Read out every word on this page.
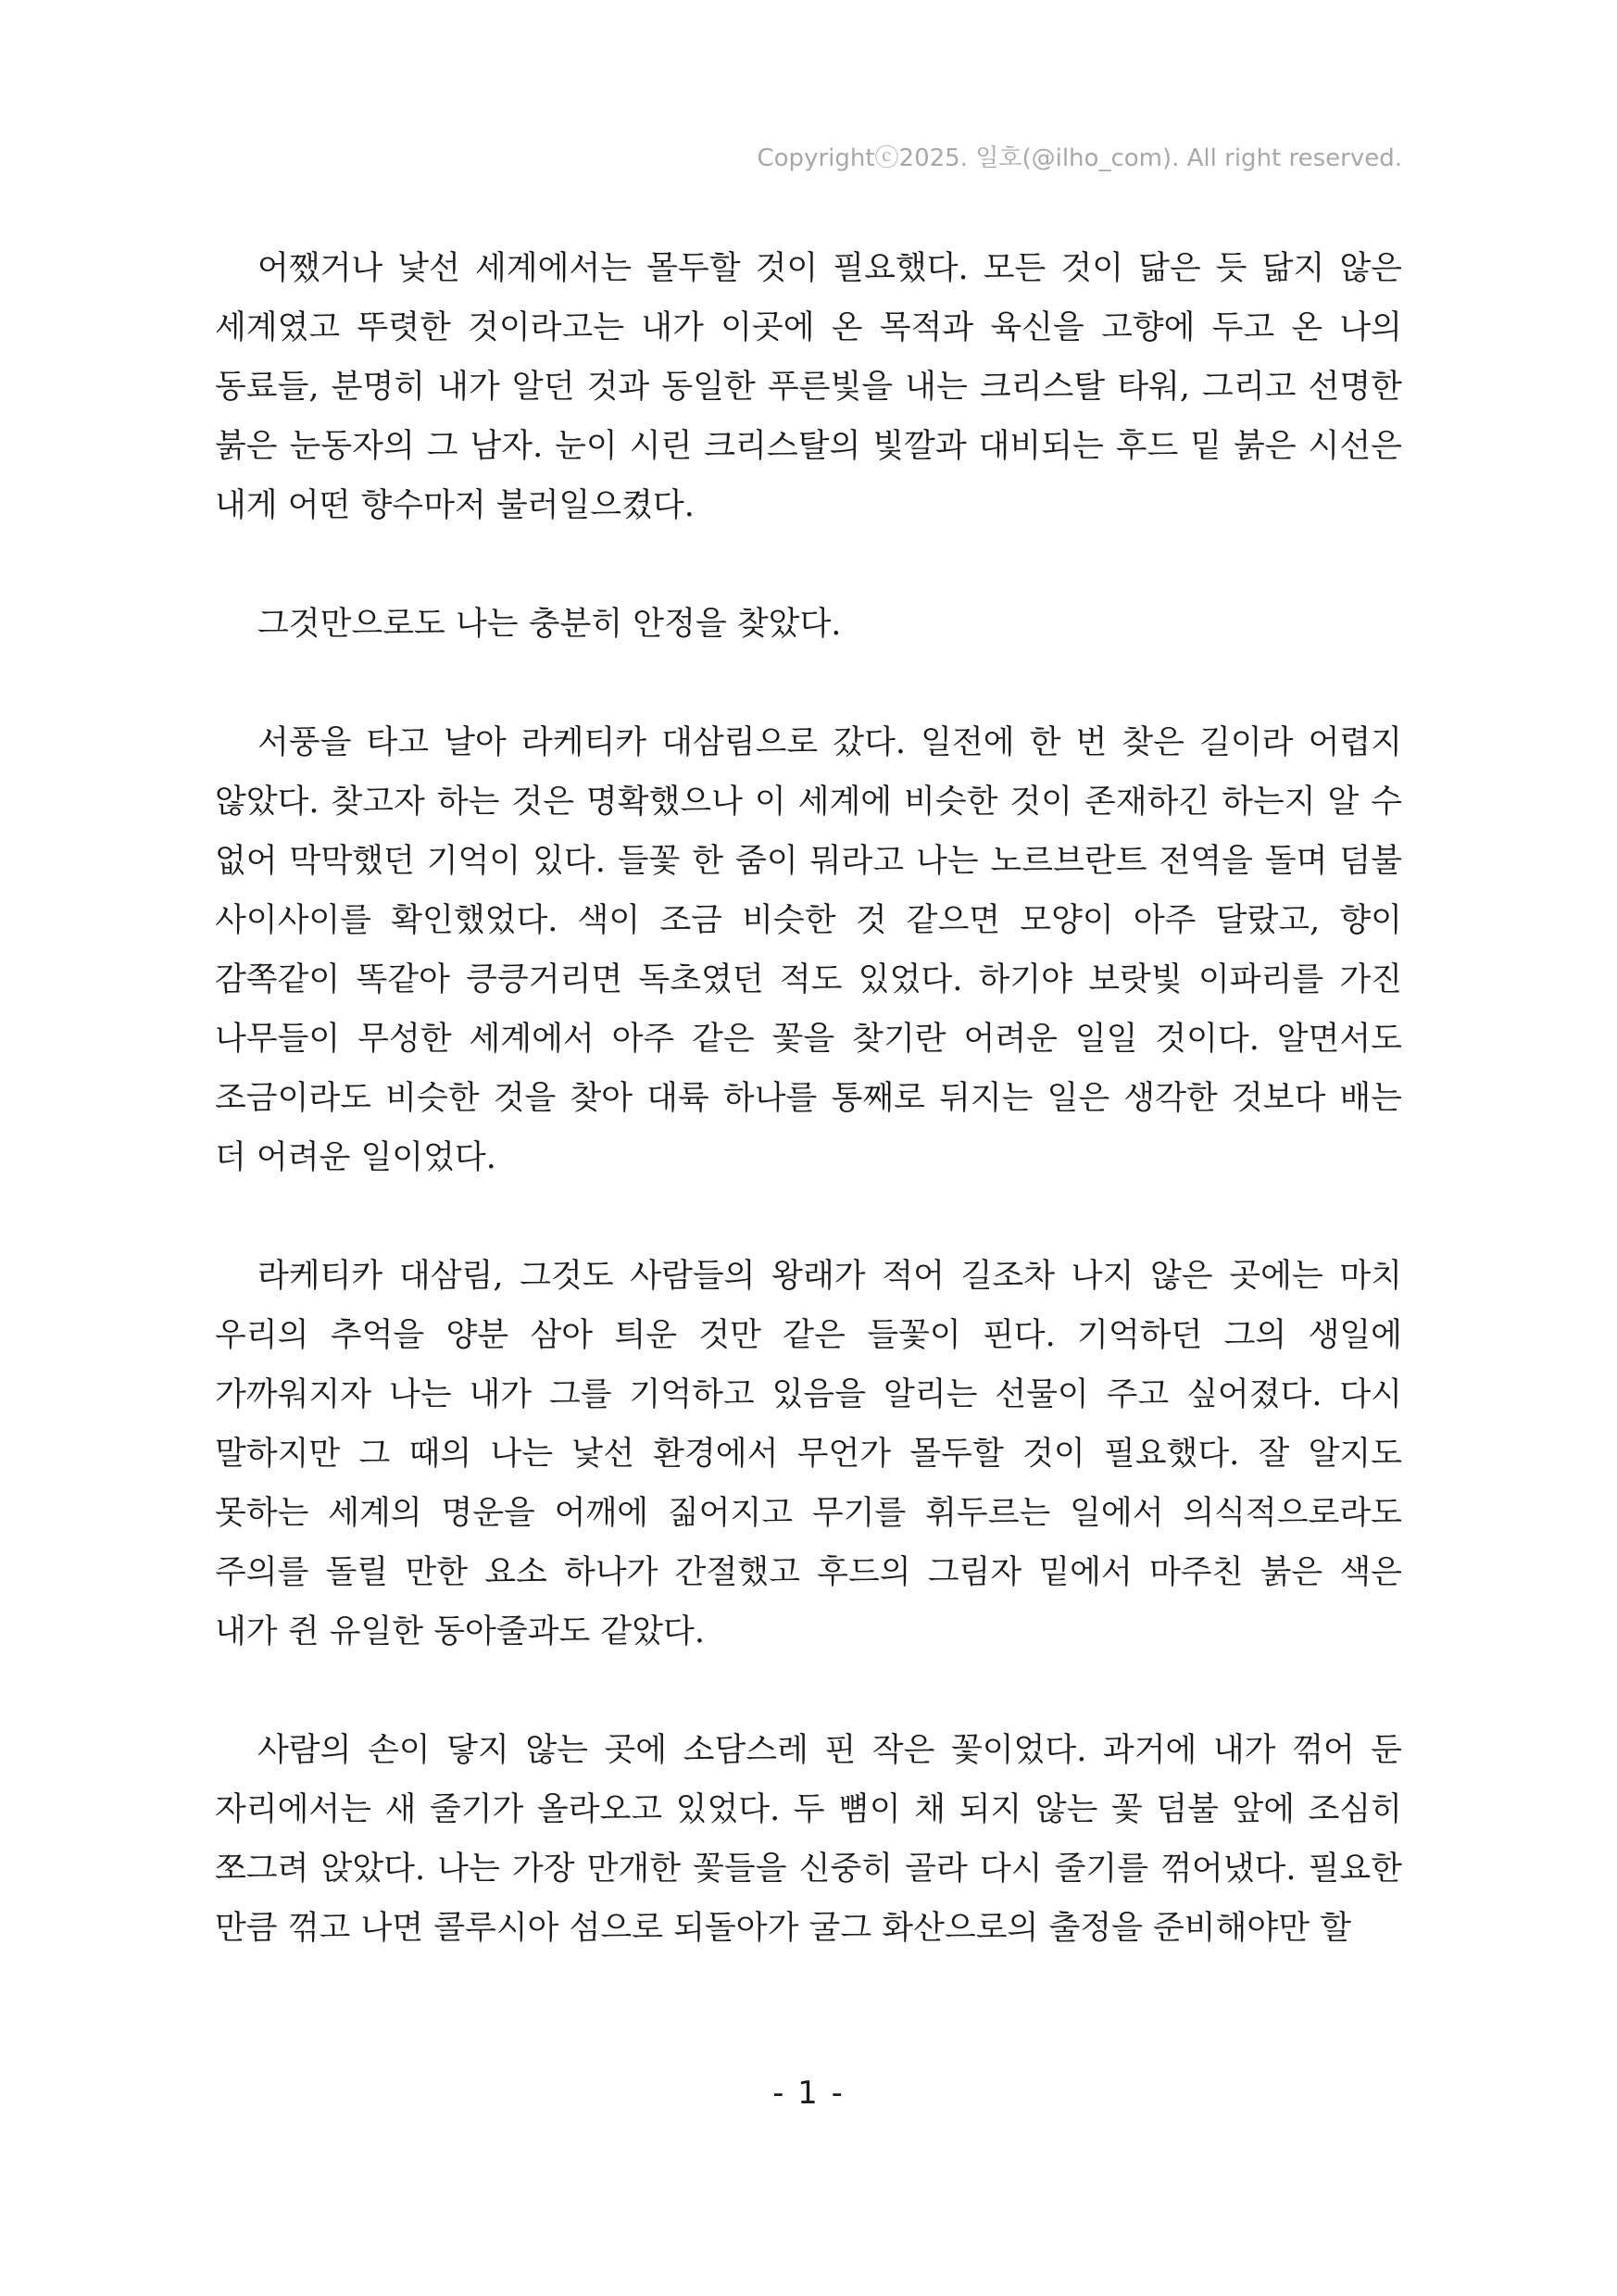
Copyrightⓒ2025. 일호(@ilho_com). All right reserved.

어쨌거나 낯선 세계에서는 몰두할 것이 필요했다. 모든 것이 닮은 듯 닮지 않은 세계였고 뚜렷한 것이라고는 내가 이곳에 온 목적과 육신을 고향에 두고 온 나의 동료들, 분명히 내가 알던 것과 동일한 푸른빛을 내는 크리스탈 타워, 그리고 선명한 붉은 눈동자의 그 남자. 눈이 시린 크리스탈의 빛깔과 대비되는 후드 밑 붉은 시선은 내게 어떤 향수마저 불러일으켰다.

그것만으로도 나는 충분히 안정을 찾았다.

서풍을 타고 날아 라케티카 대삼림으로 갔다. 일전에 한 번 찾은 길이라 어렵지 않았다. 찾고자 하는 것은 명확했으나 이 세계에 비슷한 것이 존재하긴 하는지 알 수 없어 막막했던 기억이 있다. 들꽃 한 줌이 뭐라고 나는 노르브란트 전역을 돌며 덤불 사이사이를 확인했었다. 색이 조금 비슷한 것 같으면 모양이 아주 달랐고, 향이 감쪽같이 똑같아 킁킁거리면 독초였던 적도 있었다. 하기야 보랏빛 이파리를 가진 나무들이 무성한 세계에서 아주 같은 꽃을 찾기란 어려운 일일 것이다. 알면서도 조금이라도 비슷한 것을 찾아 대륙 하나를 통째로 뒤지는 일은 생각한 것보다 배는 더 어려운 일이었다.

라케티카 대삼림, 그것도 사람들의 왕래가 적어 길조차 나지 않은 곳에는 마치 우리의 추억을 양분 삼아 틔운 것만 같은 들꽃이 핀다. 기억하던 그의 생일에 가까워지자 나는 내가 그를 기억하고 있음을 알리는 선물이 주고 싶어졌다. 다시 말하지만 그 때의 나는 낯선 환경에서 무언가 몰두할 것이 필요했다. 잘 알지도 못하는 세계의 명운을 어깨에 짊어지고 무기를 휘두르는 일에서 의식적으로라도 주의를 돌릴 만한 요소 하나가 간절했고 후드의 그림자 밑에서 마주친 붉은 색은 내가 쥔 유일한 동아줄과도 같았다.

사람의 손이 닿지 않는 곳에 소담스레 핀 작은 꽃이었다. 과거에 내가 꺾어 둔 자리에서는 새 줄기가 올라오고 있었다. 두 뼘이 채 되지 않는 꽃 덤불 앞에 조심히 쪼그려 앉았다. 나는 가장 만개한 꽃들을 신중히 골라 다시 줄기를 꺾어냈다. 필요한 만큼 꺾고 나면 콜루시아 섬으로 되돌아가 굴그 화산으로의 출정을 준비해야만 할

- 1 -
